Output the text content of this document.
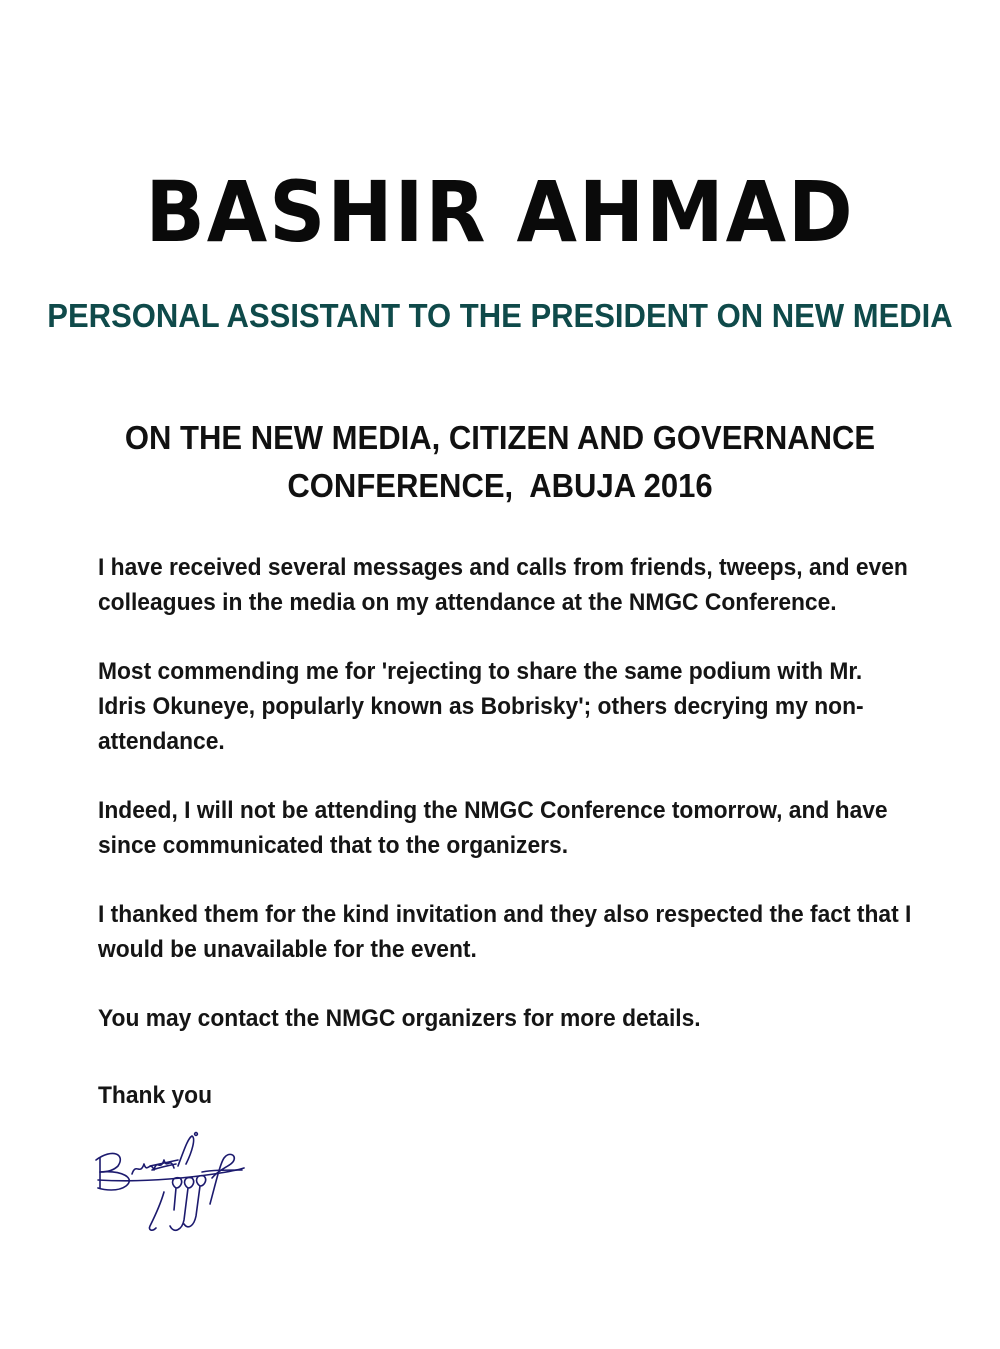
BASHIR AHMAD
PERSONAL ASSISTANT TO THE PRESIDENT ON NEW MEDIA
ON THE NEW MEDIA, CITIZEN AND GOVERNANCE
CONFERENCE,  ABUJA 2016

I have received several messages and calls from friends, tweeps, and even colleagues in the media on my attendance at the NMGC Conference.

Most commending me for 'rejecting to share the same podium with Mr. Idris Okuneye, popularly known as Bobrisky'; others decrying my non-attendance.

Indeed, I will not be attending the NMGC Conference tomorrow, and have since communicated that to the organizers.

I thanked them for the kind invitation and they also respected the fact that I would be unavailable for the event.

You may contact the NMGC organizers for more details.

Thank you
